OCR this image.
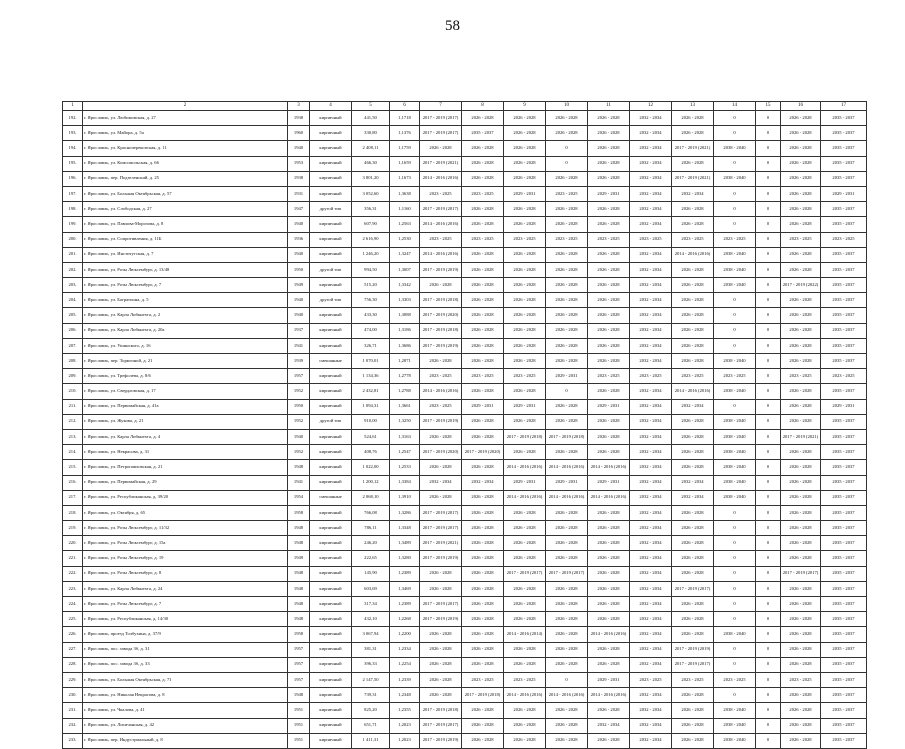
58
1	2	3	4	5	6	7	8	9	10	11	12	13	14	15	16	17
192.	г. Ярославль, ул. Любимовская, д. 27	1938	кирпичный	441,50	1,1718	2017 - 2019 (2017)	2026 - 2028	2026 - 2028	2026 - 2028	2026 - 2028	2032 - 2034	2026 - 2028	0	0	2026 - 2028	2035 - 2037
193.	г. Ярославль, ул. Майора, д. 5а	1960	кирпичный	330,80	1,1376	2017 - 2019 (2017)	2035 - 2037	2026 - 2028	2026 - 2028	2026 - 2028	2032 - 2034	2026 - 2028	0	0	2026 - 2028	2035 - 2037
194.	г. Ярославль, ул. Красноперекопская, д. 11	1940	кирпичный	2 408,11	1,1759	2026 - 2028	2026 - 2028	2026 - 2028	0	2026 - 2028	2032 - 2034	2017 - 2019 (2021)	2038 - 2040	0	2026 - 2028	2035 - 2037
195.	г. Ярославль, ул. Комсомольская, д. 66	1953	кирпичный	466,30	1,1659	2017 - 2019 (2021)	2026 - 2028	2026 - 2028	0	2026 - 2028	2032 - 2034	2026 - 2028	0	0	2026 - 2028	2035 - 2037
196.	г. Ярославль, пер. Подзеленский, д. 25	1938	кирпичный	3 801,20	1,1673	2014 - 2016 (2016)	2026 - 2028	2026 - 2028	2026 - 2028	2026 - 2028	2032 - 2034	2017 - 2019 (2021)	2038 - 2040	0	2026 - 2028	2035 - 2037
197.	г. Ярославль, ул. Большая Октябрьская, д. 57	1931	кирпичный	3 052,60	1,3638	2023 - 2025	2023 - 2025	2029 - 2031	2023 - 2025	2029 - 2031	2032 - 2034	2032 - 2034	0	0	2026 - 2028	2029 - 2031
198.	г. Ярославль, ул. Слободская, д. 27	1947	другой тип	356,31	1,1160	2017 - 2019 (2017)	2026 - 2028	2026 - 2028	2026 - 2028	2026 - 2028	2032 - 2034	2026 - 2028	0	0	2026 - 2028	2035 - 2037
199.	г. Ярославль, ул. Павлова-Морозова, д. 8	1940	кирпичный	607,90	1,2563	2014 - 2016 (2016)	2026 - 2028	2026 - 2028	2026 - 2028	2026 - 2028	2032 - 2034	2026 - 2028	0	0	2026 - 2028	2035 - 2037
200.	г. Ярославль, ул. Сопротивления, д. 11Б	1936	кирпичный	2 616,90	1,2530	2023 - 2025	2023 - 2025	2023 - 2025	2023 - 2025	2023 - 2025	2023 - 2025	2023 - 2025	2023 - 2025	0	2023 - 2025	2023 - 2025
201.	г. Ярославль, ул. Институтская, д. 7	1940	кирпичный	1 246,20	1,3247	2014 - 2016 (2016)	2026 - 2028	2026 - 2028	2026 - 2028	2026 - 2028	2032 - 2034	2014 - 2016 (2016)	2038 - 2040	0	2026 - 2028	2035 - 2037
202.	г. Ярославль, ул. Розы Люксембург, д. 13/48	1950	другой тип	994,50	1,3007	2017 - 2019 (2019)	2026 - 2028	2026 - 2028	2026 - 2028	2026 - 2028	2032 - 2034	2026 - 2028	2038 - 2040	0	2026 - 2028	2035 - 2037
203.	г. Ярославль, ул. Розы Люксембург, д. 7	1949	кирпичный	515,20	1,3342	2026 - 2028	2026 - 2028	2026 - 2028	2026 - 2028	2026 - 2028	2032 - 2034	2026 - 2028	2038 - 2040	0	2017 - 2019 (2022)	2035 - 2037
204.	г. Ярославль, ул. Багратиона, д. 5	1940	другой тип	756,30	1,3303	2017 - 2019 (2018)	2026 - 2028	2026 - 2028	2026 - 2028	2026 - 2028	2032 - 2034	2026 - 2028	0	0	2026 - 2028	2035 - 2037
205.	г. Ярославль, ул. Карла Либкнехта, д. 2	1940	кирпичный	433,30	1,3088	2017 - 2019 (2020)	2026 - 2028	2026 - 2028	2026 - 2028	2026 - 2028	2032 - 2034	2026 - 2028	0	0	2026 - 2028	2035 - 2037
206.	г. Ярославль, ул. Карла Либкнехта, д. 20а	1937	кирпичный	474,00	1,3186	2017 - 2019 (2018)	2026 - 2028	2026 - 2028	2026 - 2028	2026 - 2028	2032 - 2034	2026 - 2028	0	0	2026 - 2028	2035 - 2037
207.	г. Ярославль, ул. Ушинского, д. 16	1941	кирпичный	326,71	1,3686	2017 - 2019 (2019)	2026 - 2028	2026 - 2028	2026 - 2028	2026 - 2028	2032 - 2034	2026 - 2028	0	0	2026 - 2028	2035 - 2037
208.	г. Ярославль, пер. Тормозной, д. 21	1939	смешанные	1 070,01	1,2871	2026 - 2028	2026 - 2028	2026 - 2028	2026 - 2028	2026 - 2028	2032 - 2034	2026 - 2028	2038 - 2040	0	2026 - 2028	2035 - 2037
209.	г. Ярославль, ул. Трефолева, д. 8/6	1957	кирпичный	1 134,36	1,2778	2023 - 2025	2023 - 2025	2023 - 2025	2029 - 2031	2023 - 2025	2023 - 2025	2023 - 2025	2023 - 2025	0	2023 - 2025	2023 - 2025
210.	г. Ярославль, ул. Свердловская, д. 17	1952	кирпичный	2 432,81	1,2788	2014 - 2016 (2016)	2026 - 2028	2026 - 2028	0	2026 - 2028	2032 - 2034	2014 - 2016 (2016)	2038 - 2040	0	2026 - 2028	2035 - 2037
211.	г. Ярославль, ул. Первомайская, д. 41а	1950	кирпичный	1 094,31	1,3661	2023 - 2025	2029 - 2031	2029 - 2031	2026 - 2028	2029 - 2031	2032 - 2034	2032 - 2034	0	0	2026 - 2028	2029 - 2031
212.	г. Ярославль, ул. Жукова, д. 21	1952	другой тип	910,00	1,3250	2017 - 2019 (2019)	2026 - 2028	2026 - 2028	2026 - 2028	2026 - 2028	2032 - 2034	2026 - 2028	2038 - 2040	0	2026 - 2028	2035 - 2037
213.	г. Ярославль, ул. Карла Либкнехта, д. 4	1940	кирпичный	524,61	1,3163	2026 - 2028	2026 - 2028	2017 - 2019 (2018)	2017 - 2019 (2018)	2026 - 2028	2032 - 2034	2026 - 2028	2038 - 2040	0	2017 - 2019 (2021)	2035 - 2037
214.	г. Ярославль, ул. Некрасова, д. 31	1952	кирпичный	408,76	1,2547	2017 - 2019 (2020)	2017 - 2019 (2020)	2026 - 2028	2026 - 2028	2026 - 2028	2032 - 2034	2026 - 2028	2038 - 2040	0	2026 - 2028	2035 - 2037
215.	г. Ярославль, ул. Петропавловская, д. 21	1948	кирпичный	1 022,00	1,2533	2026 - 2028	2026 - 2028	2014 - 2016 (2016)	2014 - 2016 (2016)	2014 - 2016 (2016)	2032 - 2034	2026 - 2028	2038 - 2040	0	2026 - 2028	2035 - 2037
216.	г. Ярославль, ул. Первомайская, д. 29	1941	кирпичный	1 200,12	1,3384	2032 - 2034	2032 - 2034	2029 - 2031	2029 - 2031	2029 - 2031	2032 - 2034	2032 - 2034	2038 - 2040	0	2026 - 2028	2035 - 2037
217.	г. Ярославль, ул. Республиканская, д. 39/20	1954	смешанные	2 068,10	1,3910	2026 - 2028	2026 - 2028	2014 - 2016 (2016)	2014 - 2016 (2016)	2014 - 2016 (2016)	2032 - 2034	2032 - 2034	2038 - 2040	0	2026 - 2028	2035 - 2037
218.	г. Ярославль, ул. Октября, д. 65	1958	кирпичный	766,08	1,3286	2017 - 2019 (2017)	2026 - 2028	2026 - 2028	2026 - 2028	2026 - 2028	2032 - 2034	2026 - 2028	0	0	2026 - 2028	2035 - 2037
219.	г. Ярославль, ул. Розы Люксембург, д. 11/32	1948	кирпичный	786,11	1,3348	2017 - 2019 (2017)	2026 - 2028	2026 - 2028	2026 - 2028	2026 - 2028	2032 - 2034	2026 - 2028	0	0	2026 - 2028	2035 - 2037
220.	г. Ярославль, ул. Розы Люксембург, д. 15а	1948	кирпичный	246,20	1,3489	2017 - 2019 (2021)	2026 - 2028	2026 - 2028	2026 - 2028	2026 - 2028	2032 - 2034	2026 - 2028	0	0	2026 - 2028	2035 - 2037
221.	г. Ярославль, ул. Розы Люксембург, д. 19	1949	кирпичный	222,65	1,3280	2017 - 2019 (2019)	2026 - 2028	2026 - 2028	2026 - 2028	2026 - 2028	2032 - 2034	2026 - 2028	0	0	2026 - 2028	2035 - 2037
222.	г. Ярославль, ул. Розы Люксембург, д. 8	1948	кирпичный	145,90	1,2389	2026 - 2028	2026 - 2028	2017 - 2019 (2017)	2017 - 2019 (2017)	2026 - 2028	2032 - 2034	2026 - 2028	0	0	2017 - 2019 (2017)	2035 - 2037
223.	г. Ярославль, ул. Карла Либкнехта, д. 24	1948	кирпичный	603,69	1,3469	2026 - 2028	2026 - 2028	2026 - 2028	2026 - 2028	2026 - 2028	2032 - 2034	2017 - 2019 (2017)	0	0	2026 - 2028	2035 - 2037
224.	г. Ярославль, ул. Розы Люксембург, д. 7	1948	кирпичный	317,34	1,2389	2017 - 2019 (2017)	2026 - 2028	2026 - 2028	2026 - 2028	2026 - 2028	2032 - 2034	2026 - 2028	0	0	2026 - 2028	2035 - 2037
225.	г. Ярославль, ул. Республиканская, д. 14/30	1948	кирпичный	432,10	1,2268	2017 - 2019 (2019)	2026 - 2028	2026 - 2028	2026 - 2028	2026 - 2028	2032 - 2034	2026 - 2028	0	0	2026 - 2028	2035 - 2037
226.	г. Ярославль, проезд Толбухина, д. 37/9	1958	кирпичный	3 067,94	1,2200	2026 - 2028	2026 - 2028	2014 - 2016 (2014)	2026 - 2028	2014 - 2016 (2016)	2032 - 2034	2026 - 2028	2038 - 2040	0	2026 - 2028	2035 - 2037
227.	г. Ярославль, пос. завода 3б, д. 31	1957	кирпичный	381,31	1,2334	2026 - 2028	2026 - 2028	2026 - 2028	2026 - 2028	2026 - 2028	2032 - 2034	2017 - 2019 (2019)	0	0	2026 - 2028	2035 - 2037
228.	г. Ярославль, пос. завода 3б, д. 33	1957	кирпичный	396,33	1,2254	2026 - 2028	2026 - 2028	2026 - 2028	2026 - 2028	2026 - 2028	2032 - 2034	2017 - 2019 (2017)	0	0	2026 - 2028	2035 - 2037
229.	г. Ярославль, ул. Большая Октябрьская, д. 71	1957	кирпичный	2 147,50	1,2339	2026 - 2028	2023 - 2025	2023 - 2025	0	2029 - 2031	2023 - 2025	2023 - 2025	2023 - 2025	0	2023 - 2025	2035 - 2037
230.	г. Ярославль, ул. Николая Некрасова, д. 8	1948	кирпичный	739,31	1,2348	2026 - 2028	2017 - 2019 (2018)	2014 - 2016 (2016)	2014 - 2016 (2016)	2014 - 2016 (2016)	2032 - 2034	2026 - 2028	0	0	2026 - 2028	2035 - 2037
231.	г. Ярославль, ул. Чкалова, д. 41	1951	кирпичный	825,20	1,2355	2017 - 2019 (2018)	2026 - 2028	2026 - 2028	2026 - 2028	2026 - 2028	2032 - 2034	2026 - 2028	2038 - 2040	0	2026 - 2028	2035 - 2037
232.	г. Ярославль, ул. Лисичанская, д. 42	1951	кирпичный	651,71	1,2023	2017 - 2019 (2017)	2026 - 2028	2026 - 2028	2026 - 2028	2032 - 2034	2032 - 2034	2026 - 2028	2038 - 2040	0	2026 - 2028	2035 - 2037
233.	г. Ярославль, пер. Индустриальный, д. 8	1951	кирпичный	1 411,31	1,2023	2017 - 2019 (2019)	2026 - 2028	2026 - 2028	2026 - 2028	2026 - 2028	2032 - 2034	2026 - 2028	2038 - 2040	0	2026 - 2028	2035 - 2037
